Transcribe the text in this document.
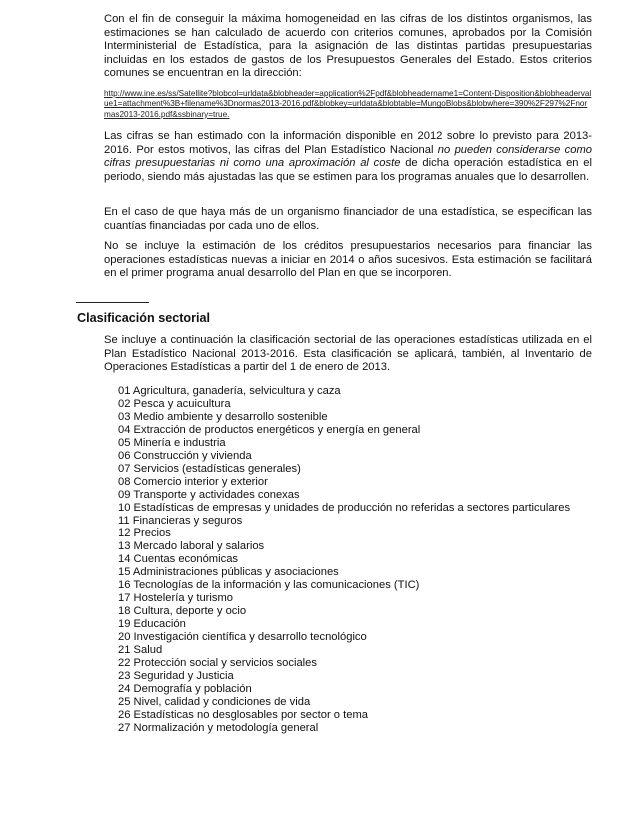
Con el fin de conseguir la máxima homogeneidad en las cifras de los distintos organismos, las estimaciones se han calculado de acuerdo con criterios comunes, aprobados por la Comisión Interministerial de Estadística, para la asignación de las distintas partidas presupuestarias incluidas en los estados de gastos de los Presupuestos Generales del Estado. Estos criterios comunes se encuentran en la dirección:

http://www.ine.es/ss/Satellite?blobcol=urldata&blobheader=application%2Fpdf&blobheadername1=Content-Disposition&blobheadervalue1=attachment%3B+filename%3Dnormas2013-2016.pdf&blobkey=urldata&blobtable=MungoBlobs&blobwhere=390%2F297%2Fnormas2013-2016.pdf&ssbinary=true.

Las cifras se han estimado con la información disponible en 2012 sobre lo previsto para 2013-2016. Por estos motivos, las cifras del Plan Estadístico Nacional no pueden considerarse como cifras presupuestarias ni como una aproximación al coste de dicha operación estadística en el periodo, siendo más ajustadas las que se estimen para los programas anuales que lo desarrollen.

En el caso de que haya más de un organismo financiador de una estadística, se especifican las cuantías financiadas por cada uno de ellos.

No se incluye la estimación de los créditos presupuestarios necesarios para financiar las operaciones estadísticas nuevas a iniciar en 2014 o años sucesivos. Esta estimación se facilitará en el primer programa anual desarrollo del Plan en que se incorporen.

Clasificación sectorial

Se incluye a continuación la clasificación sectorial de las operaciones estadísticas utilizada en el Plan Estadístico Nacional 2013-2016. Esta clasificación se aplicará, también, al Inventario de Operaciones Estadísticas a partir del 1 de enero de 2013.

01 Agricultura, ganadería, selvicultura y caza
02 Pesca y acuicultura
03 Medio ambiente y desarrollo sostenible
04 Extracción de productos energéticos y energía en general
05 Minería e industria
06 Construcción y vivienda
07 Servicios (estadísticas generales)
08 Comercio interior y exterior
09 Transporte y actividades conexas
10 Estadísticas de empresas y unidades de producción no referidas a sectores particulares
11 Financieras y seguros
12 Precios
13 Mercado laboral y salarios
14 Cuentas económicas
15 Administraciones públicas y asociaciones
16 Tecnologías de la información y las comunicaciones (TIC)
17 Hostelería y turismo
18 Cultura, deporte y ocio
19 Educación
20 Investigación científica y desarrollo tecnológico
21 Salud
22 Protección social y servicios sociales
23 Seguridad y Justicia
24 Demografía y población
25 Nivel, calidad y condiciones de vida
26 Estadísticas no desglosables por sector o tema
27 Normalización y metodología general
